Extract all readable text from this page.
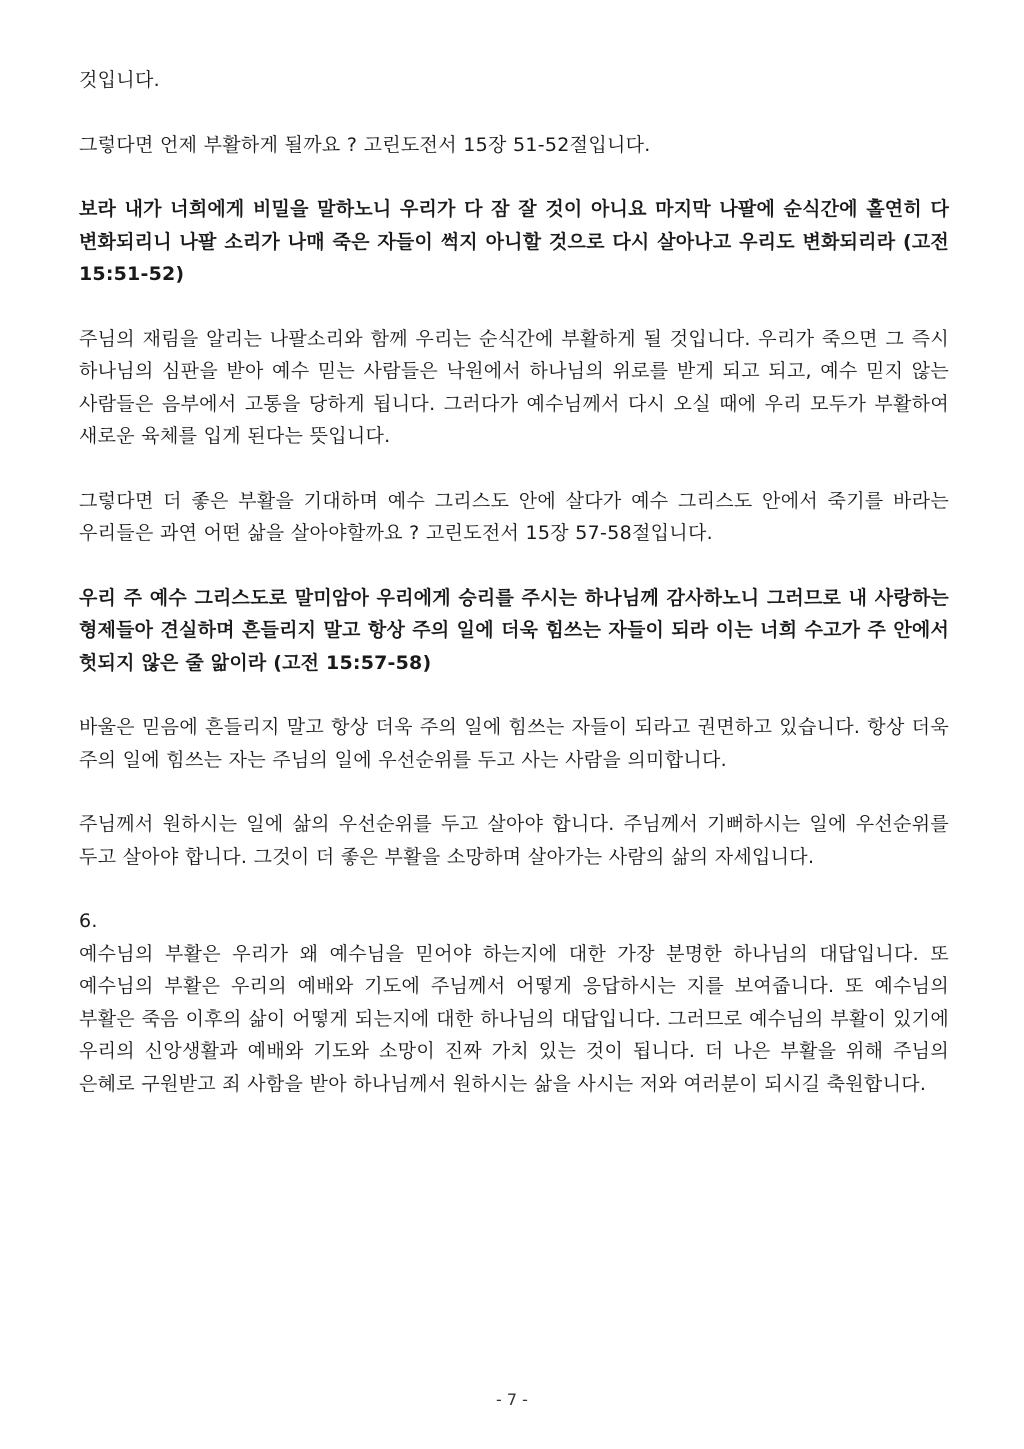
것입니다.

그렇다면 언제 부활하게 될까요 ? 고린도전서 15장 51-52절입니다.

보라 내가 너희에게 비밀을 말하노니 우리가 다 잠 잘 것이 아니요 마지막 나팔에 순식간에 홀연히 다 변화되리니 나팔 소리가 나매 죽은 자들이 썩지 아니할 것으로 다시 살아나고 우리도 변화되리라 (고전 15:51-52)

주님의 재림을 알리는 나팔소리와 함께 우리는 순식간에 부활하게 될 것입니다. 우리가 죽으면 그 즉시 하나님의 심판을 받아 예수 믿는 사람들은 낙원에서 하나님의 위로를 받게 되고 되고, 예수 믿지 않는 사람들은 음부에서 고통을 당하게 됩니다. 그러다가 예수님께서 다시 오실 때에 우리 모두가 부활하여 새로운 육체를 입게 된다는 뜻입니다.

그렇다면 더 좋은 부활을 기대하며 예수 그리스도 안에 살다가 예수 그리스도 안에서 죽기를 바라는 우리들은 과연 어떤 삶을 살아야할까요 ? 고린도전서 15장 57-58절입니다.

우리 주 예수 그리스도로 말미암아 우리에게 승리를 주시는 하나님께 감사하노니 그러므로 내 사랑하는 형제들아 견실하며 흔들리지 말고 항상 주의 일에 더욱 힘쓰는 자들이 되라 이는 너희 수고가 주 안에서 헛되지 않은 줄 앎이라 (고전 15:57-58)

바울은 믿음에 흔들리지 말고 항상 더욱 주의 일에 힘쓰는 자들이 되라고 권면하고 있습니다. 항상 더욱 주의 일에 힘쓰는 자는 주님의 일에 우선순위를 두고 사는 사람을 의미합니다.

주님께서 원하시는 일에 삶의 우선순위를 두고 살아야 합니다. 주님께서 기뻐하시는 일에 우선순위를 두고 살아야 합니다. 그것이 더 좋은 부활을 소망하며 살아가는 사람의 삶의 자세입니다.

6.

예수님의 부활은 우리가 왜 예수님을 믿어야 하는지에 대한 가장 분명한 하나님의 대답입니다. 또 예수님의 부활은 우리의 예배와 기도에 주님께서 어떻게 응답하시는 지를 보여줍니다. 또 예수님의 부활은 죽음 이후의 삶이 어떻게 되는지에 대한 하나님의 대답입니다. 그러므로 예수님의 부활이 있기에 우리의 신앙생활과 예배와 기도와 소망이 진짜 가치 있는 것이 됩니다. 더 나은 부활을 위해 주님의 은혜로 구원받고 죄 사함을 받아 하나님께서 원하시는 삶을 사시는 저와 여러분이 되시길 축원합니다.

- 7 -
